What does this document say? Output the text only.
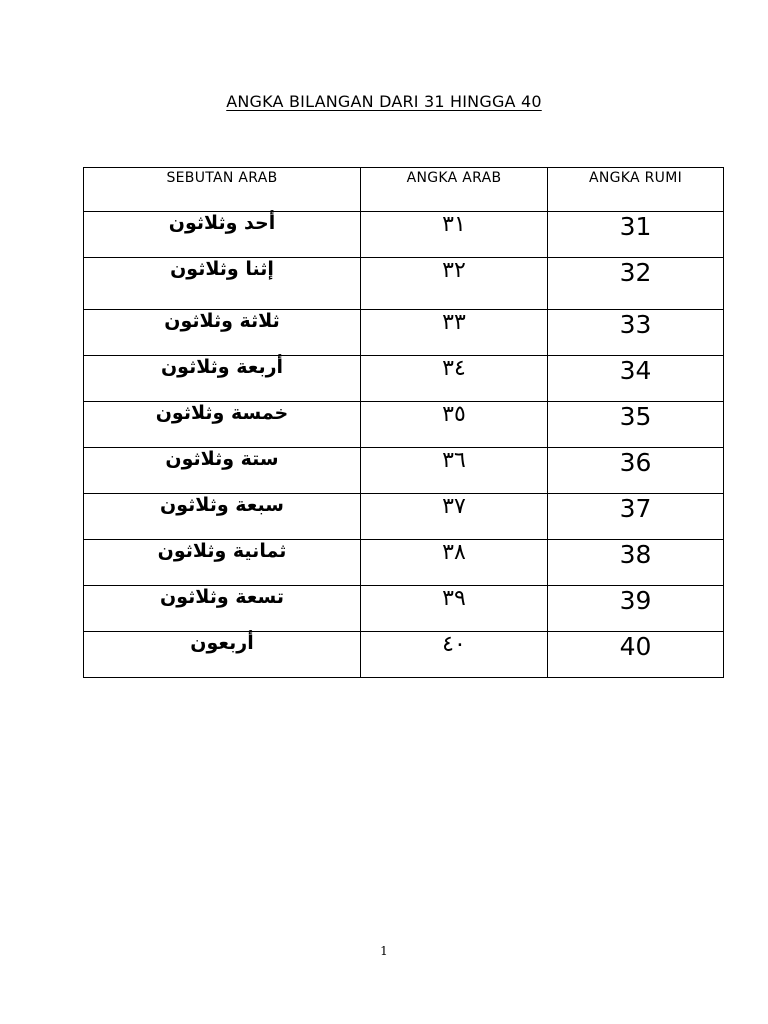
ANGKA BILANGAN DARI 31 HINGGA 40
SEBUTAN ARAB	ANGKA ARAB	ANGKA RUMI
أحد وثلاثون	٣١	31
إثنا وثلاثون	٣٢	32
ثلاثة وثلاثون	٣٣	33
أربعة وثلاثون	٣٤	34
خمسة وثلاثون	٣٥	35
ستة وثلاثون	٣٦	36
سبعة وثلاثون	٣٧	37
ثمانية وثلاثون	٣٨	38
تسعة وثلاثون	٣٩	39
أربعون	٤٠	40
1
